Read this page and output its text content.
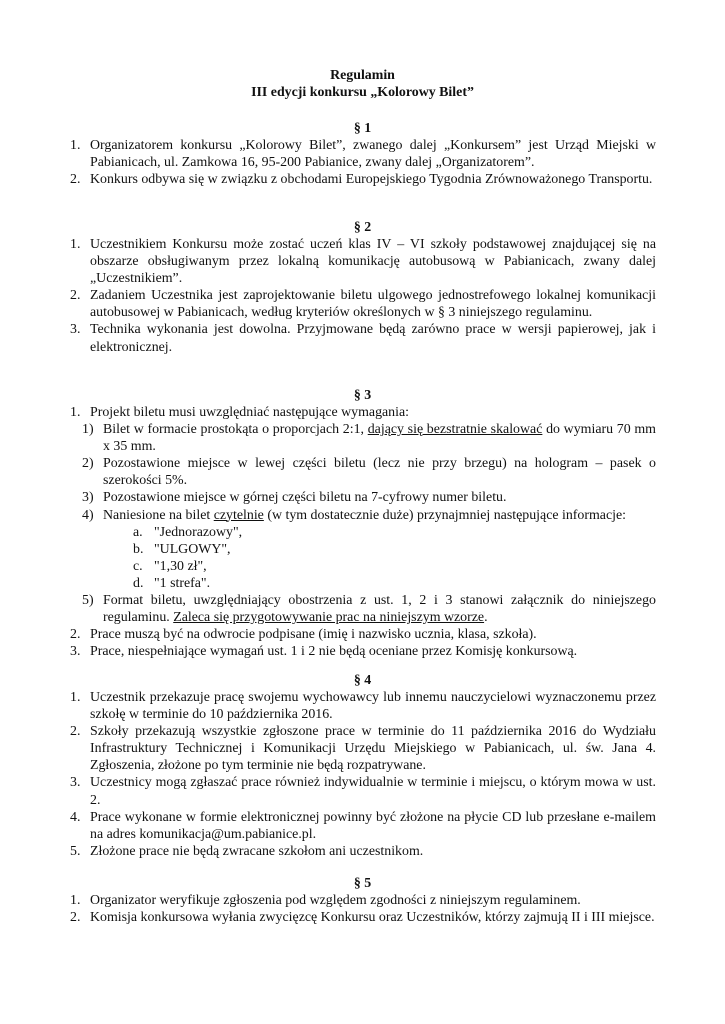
Regulamin
III edycji konkursu „Kolorowy Bilet”
§ 1
1. Organizatorem konkursu „Kolorowy Bilet”, zwanego dalej „Konkursem” jest Urząd Miejski w Pabianicach, ul. Zamkowa 16, 95-200 Pabianice, zwany dalej „Organizatorem”.
2. Konkurs odbywa się w związku z obchodami Europejskiego Tygodnia Zrównoważonego Transportu.
§ 2
1. Uczestnikiem Konkursu może zostać uczeń klas IV – VI szkoły podstawowej znajdującej się na obszarze obsługiwanym przez lokalną komunikację autobusową w Pabianicach, zwany dalej „Uczestnikiem”.
2. Zadaniem Uczestnika jest zaprojektowanie biletu ulgowego jednostrefowego lokalnej komunikacji autobusowej w Pabianicach, według kryteriów określonych w § 3 niniejszego regulaminu.
3. Technika wykonania jest dowolna. Przyjmowane będą zarówno prace w wersji papierowej, jak i elektronicznej.
§ 3
1. Projekt biletu musi uwzględniać następujące wymagania:
1) Bilet w formacie prostokąta o proporcjach 2:1, dający się bezstratnie skalować do wymiaru 70 mm x 35 mm.
2) Pozostawione miejsce w lewej części biletu (lecz nie przy brzegu) na hologram – pasek o szerokości 5%.
3) Pozostawione miejsce w górnej części biletu na 7-cyfrowy numer biletu.
4) Naniesione na bilet czytelnie (w tym dostatecznie duże) przynajmniej następujące informacje:
a. "Jednorazowy",
b. "ULGOWY",
c. "1,30 zł",
d. "1 strefa".
5) Format biletu, uwzględniający obostrzenia z ust. 1, 2 i 3 stanowi załącznik do niniejszego regulaminu. Zaleca się przygotowywanie prac na niniejszym wzorze.
2. Prace muszą być na odwrocie podpisane (imię i nazwisko ucznia, klasa, szkoła).
3. Prace, niespełniające wymagań ust. 1 i 2 nie będą oceniane przez Komisję konkursową.
§ 4
1. Uczestnik przekazuje pracę swojemu wychowawcy lub innemu nauczycielowi wyznaczonemu przez szkołę w terminie do 10 października 2016.
2. Szkoły przekazują wszystkie zgłoszone prace w terminie do 11 października 2016 do Wydziału Infrastruktury Technicznej i Komunikacji Urzędu Miejskiego w Pabianicach, ul. św. Jana 4. Zgłoszenia, złożone po tym terminie nie będą rozpatrywane.
3. Uczestnicy mogą zgłaszać prace również indywidualnie w terminie i miejscu, o którym mowa w ust. 2.
4. Prace wykonane w formie elektronicznej powinny być złożone na płycie CD lub przesłane e-mailem na adres komunikacja@um.pabianice.pl.
5. Złożone prace nie będą zwracane szkołom ani uczestnikom.
§ 5
1. Organizator weryfikuje zgłoszenia pod względem zgodności z niniejszym regulaminem.
2. Komisja konkursowa wyłania zwycięzcę Konkursu oraz Uczestników, którzy zajmują II i III miejsce.
